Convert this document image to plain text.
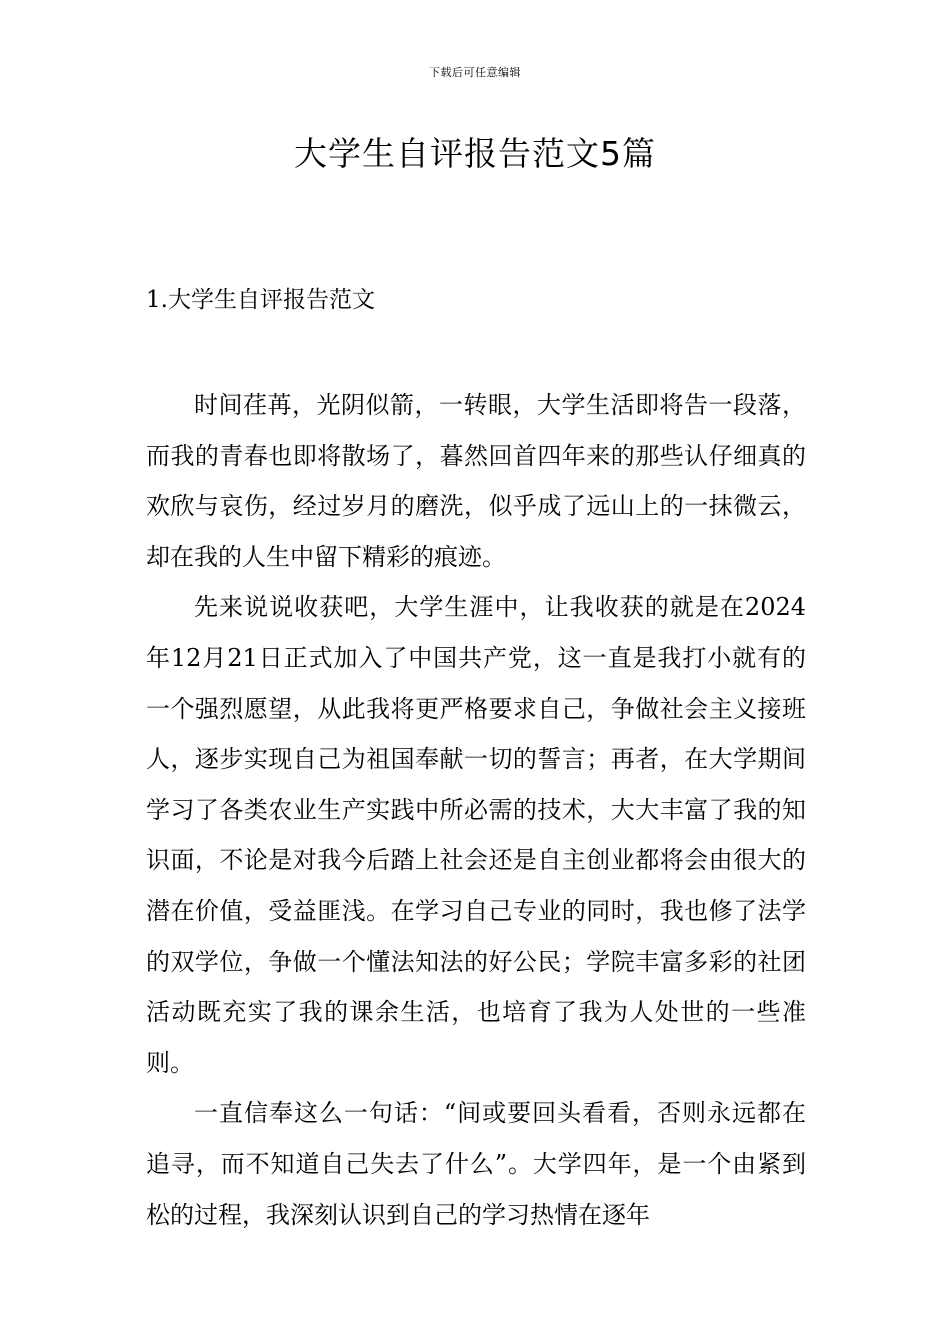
下载后可任意编辑
大学生自评报告范文5篇
1.大学生自评报告范文

时间荏苒，光阴似箭，一转眼，大学生活即将告一段落，而我的青春也即将散场了，暮然回首四年来的那些认仔细真的欢欣与哀伤，经过岁月的磨洗，似乎成了远山上的一抹微云，却在我的人生中留下精彩的痕迹。

先来说说收获吧，大学生涯中，让我收获的就是在2024年12月21日正式加入了中国共产党，这一直是我打小就有的一个强烈愿望，从此我将更严格要求自己，争做社会主义接班人，逐步实现自己为祖国奉献一切的誓言；再者，在大学期间学习了各类农业生产实践中所必需的技术，大大丰富了我的知识面，不论是对我今后踏上社会还是自主创业都将会由很大的潜在价值，受益匪浅。在学习自己专业的同时，我也修了法学的双学位，争做一个懂法知法的好公民；学院丰富多彩的社团活动既充实了我的课余生活，也培育了我为人处世的一些准则。

一直信奉这么一句话：“间或要回头看看，否则永远都在追寻，而不知道自己失去了什么”。大学四年，是一个由紧到松的过程，我深刻认识到自己的学习热情在逐年
